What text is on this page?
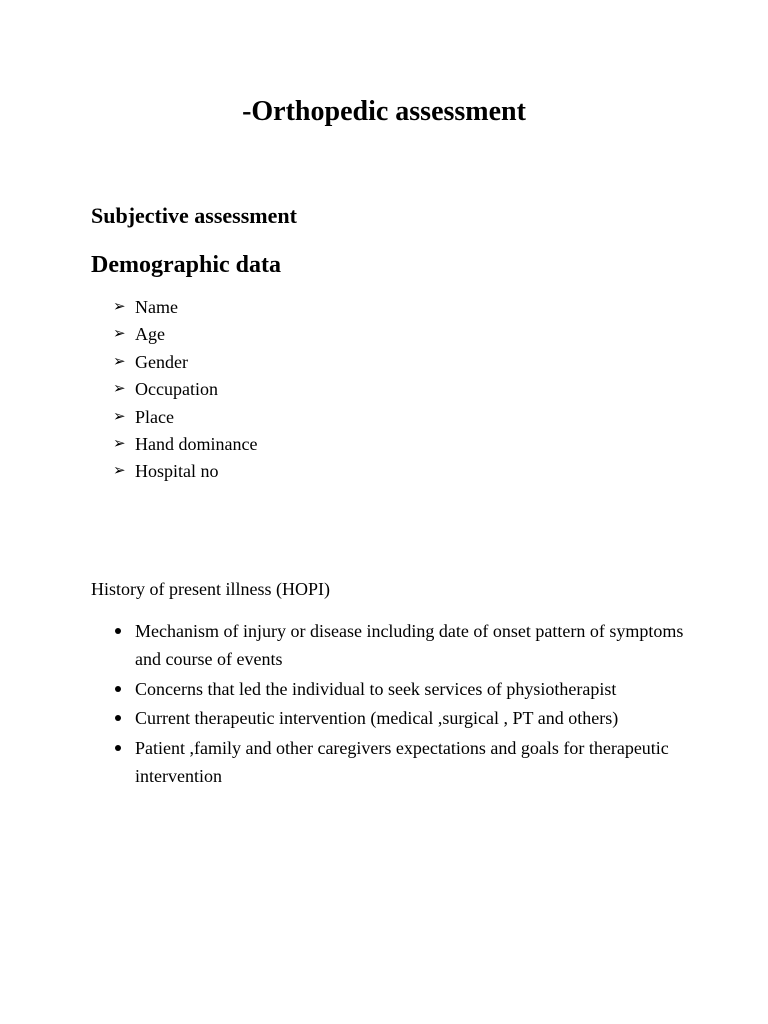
-Orthopedic assessment
Subjective assessment
Demographic data
➢ Name
➢ Age
➢ Gender
➢ Occupation
➢ Place
➢ Hand dominance
➢ Hospital no
History of present illness (HOPI)
Mechanism of injury or disease including date of onset pattern of symptoms and course of events
Concerns that led the individual to seek services of physiotherapist
Current therapeutic intervention (medical ,surgical , PT and others)
Patient ,family and other caregivers expectations and goals for therapeutic intervention
